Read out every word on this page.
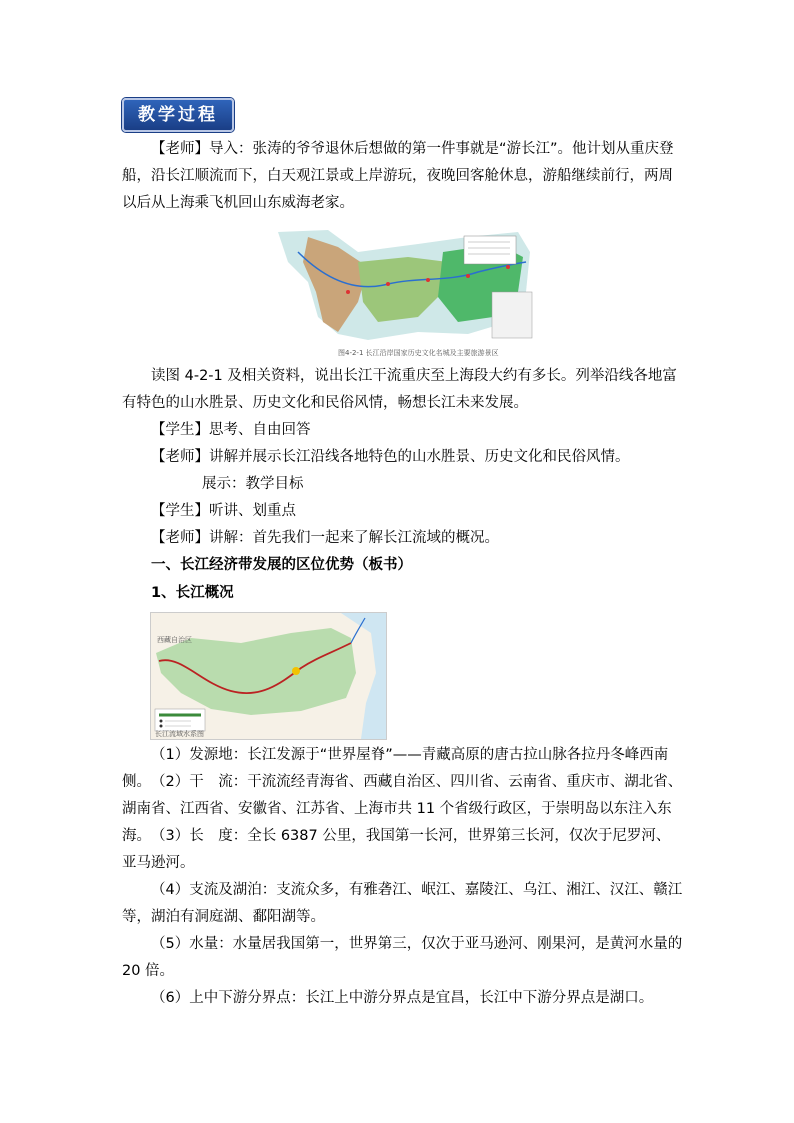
教学过程

【老师】导入：张涛的爷爷退休后想做的第一件事就是“游长江”。他计划从重庆登船，沿长江顺流而下，白天观江景或上岸游玩，夜晚回客舱休息，游船继续前行，两周以后从上海乘飞机回山东威海老家。

图4-2-1 长江沿岸国家历史文化名城及主要旅游景区

读图 4-2-1 及相关资料，说出长江干流重庆至上海段大约有多长。列举沿线各地富有特色的山水胜景、历史文化和民俗风情，畅想长江未来发展。

【学生】思考、自由回答

【老师】讲解并展示长江沿线各地特色的山水胜景、历史文化和民俗风情。

展示：教学目标

【学生】听讲、划重点

【老师】讲解：首先我们一起来了解长江流域的概况。

一、长江经济带发展的区位优势（板书）

1、长江概况

西藏自治区
长江流域水系图

（1）发源地：长江发源于“世界屋脊”——青藏高原的唐古拉山脉各拉丹冬峰西南侧。 （2）干　流：干流流经青海省、西藏自治区、四川省、云南省、重庆市、湖北省、湖南省、江西省、安徽省、江苏省、上海市共 11 个省级行政区，于崇明岛以东注入东海。 （3）长　度：全长 6387 公里，我国第一长河，世界第三长河，仅次于尼罗河、亚马逊河。

（4）支流及湖泊：支流众多，有雅砻江、岷江、嘉陵江、乌江、湘江、汉江、赣江等，湖泊有洞庭湖、鄱阳湖等。

（5）水量：水量居我国第一，世界第三，仅次于亚马逊河、刚果河，是黄河水量的 20 倍。

（6）上中下游分界点：长江上中游分界点是宜昌，长江中下游分界点是湖口。
